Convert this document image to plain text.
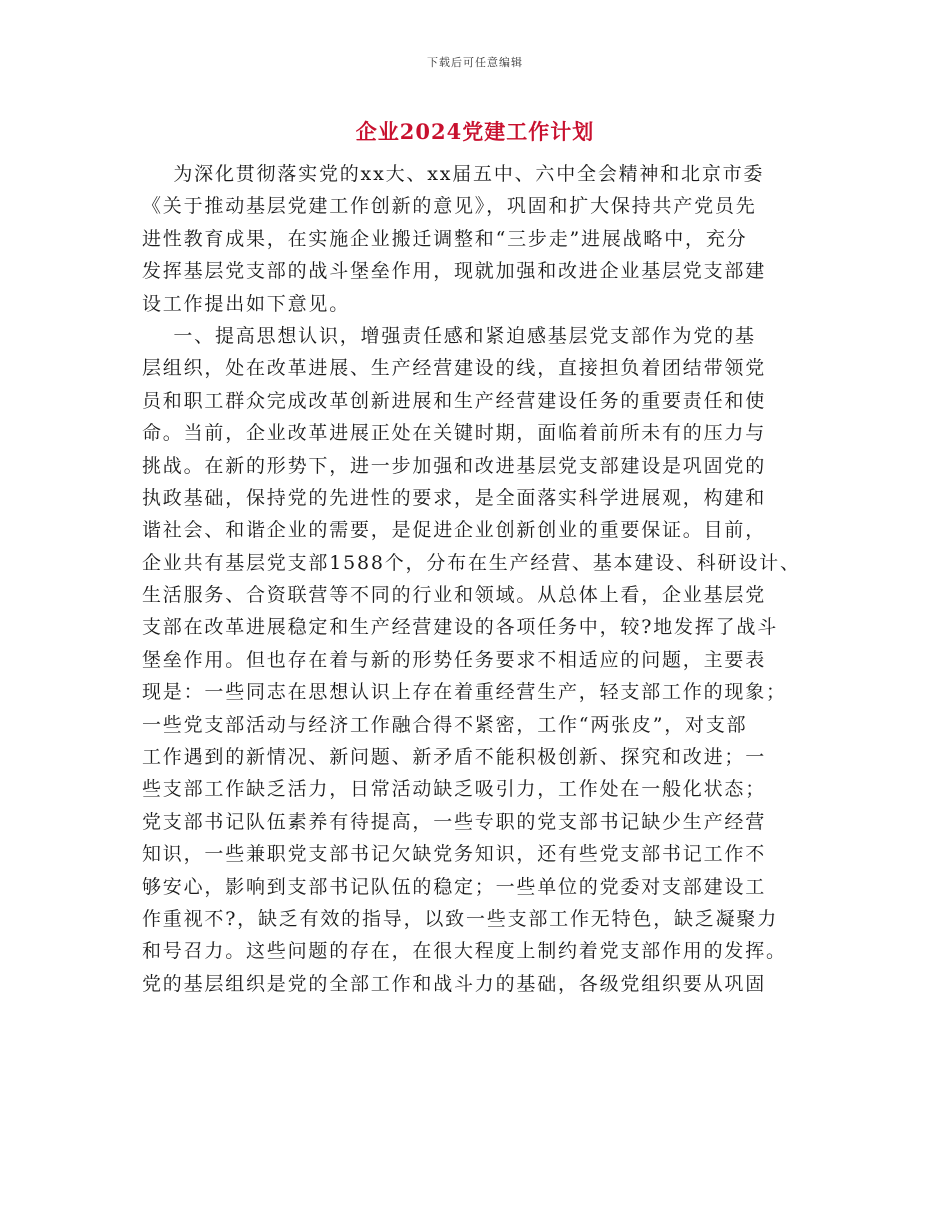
下载后可任意编辑
企业2024党建工作计划
为深化贯彻落实党的xx大、xx届五中、六中全会精神和北京市委
《关于推动基层党建工作创新的意见》，巩固和扩大保持共产党员先
进性教育成果，在实施企业搬迁调整和“三步走”进展战略中，充分
发挥基层党支部的战斗堡垒作用，现就加强和改进企业基层党支部建
设工作提出如下意见。
一、提高思想认识，增强责任感和紧迫感基层党支部作为党的基
层组织，处在改革进展、生产经营建设的线，直接担负着团结带领党
员和职工群众完成改革创新进展和生产经营建设任务的重要责任和使
命。当前，企业改革进展正处在关键时期，面临着前所未有的压力与
挑战。在新的形势下，进一步加强和改进基层党支部建设是巩固党的
执政基础，保持党的先进性的要求，是全面落实科学进展观，构建和
谐社会、和谐企业的需要，是促进企业创新创业的重要保证。目前，
企业共有基层党支部1588个，分布在生产经营、基本建设、科研设计、
生活服务、合资联营等不同的行业和领域。从总体上看，企业基层党
支部在改革进展稳定和生产经营建设的各项任务中，较?地发挥了战斗
堡垒作用。但也存在着与新的形势任务要求不相适应的问题，主要表
现是：一些同志在思想认识上存在着重经营生产，轻支部工作的现象；
一些党支部活动与经济工作融合得不紧密，工作“两张皮”，对支部
工作遇到的新情况、新问题、新矛盾不能积极创新、探究和改进；一
些支部工作缺乏活力，日常活动缺乏吸引力，工作处在一般化状态；
党支部书记队伍素养有待提高，一些专职的党支部书记缺少生产经营
知识，一些兼职党支部书记欠缺党务知识，还有些党支部书记工作不
够安心，影响到支部书记队伍的稳定；一些单位的党委对支部建设工
作重视不?，缺乏有效的指导，以致一些支部工作无特色，缺乏凝聚力
和号召力。这些问题的存在，在很大程度上制约着党支部作用的发挥。
党的基层组织是党的全部工作和战斗力的基础，各级党组织要从巩固
